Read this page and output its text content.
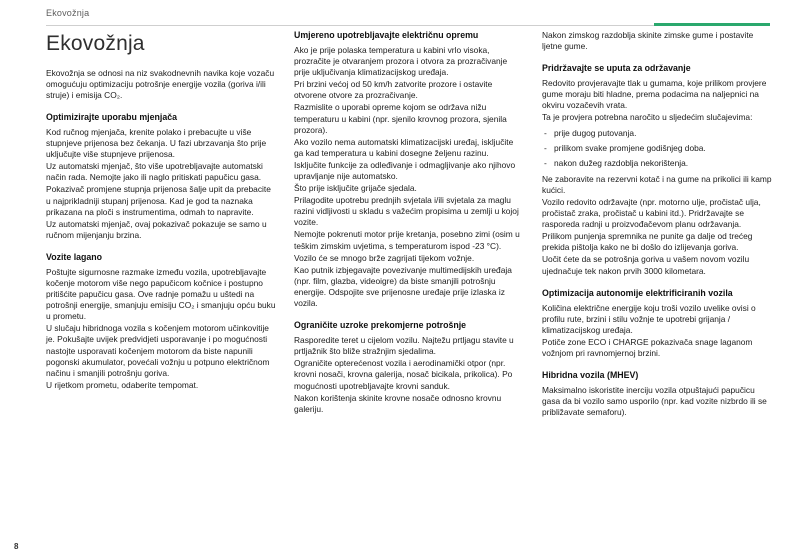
Ekovožnja
Ekovožnja

Ekovožnja se odnosi na niz svakodnevnih navika koje vozaču omogućuju optimizaciju potrošnje energije vozila (goriva i/ili struje) i emisija CO₂.

Optimizirajte uporabu mjenjača

Kod ručnog mjenjača, krenite polako i prebacujte u više stupnjeve prijenosa bez čekanja. U fazi ubrzavanja što prije uključujte više stupnjeve prijenosa.

Uz automatski mjenjač, što više upotrebljavajte automatski način rada. Nemojte jako ili naglo pritiskati papučicu gasa.

Pokazivač promjene stupnja prijenosa šalje upit da prebacite u najprikladniji stupanj prijenosa. Kad je god ta naznaka prikazana na ploči s instrumentima, odmah to napravite.

Uz automatski mjenjač, ovaj pokazivač pokazuje se samo u ručnom mijenjanju brzina.

Vozite lagano

Poštujte sigurnosne razmake između vozila, upotrebljavajte kočenje motorom više nego papučicom kočnice i postupno pritišćite papučicu gasa. Ove radnje pomažu u uštedi na potrošnji energije, smanjuju emisiju CO₂ i smanjuju opću buku u prometu.

U slučaju hibridnoga vozila s kočenjem motorom učinkovitije je. Pokušajte uvijek predvidjeti usporavanje i po mogućnosti nastojte usporavati kočenjem motorom da biste napunili pogonski akumulator, povećali vožnju u potpuno električnom načinu i smanjili potrošnju goriva.

U rijetkom prometu, odaberite tempomat.

Umjereno upotrebljavajte električnu opremu

Ako je prije polaska temperatura u kabini vrlo visoka, prozračite je otvaranjem prozora i otvora za prozračivanje prije uključivanja klimatizacijskog uređaja.

Pri brzini većoj od 50 km/h zatvorite prozore i ostavite otvorene otvore za prozračivanje.

Razmislite o uporabi opreme kojom se održava nižu temperaturu u kabini (npr. sjenilo krovnog prozora, sjenila prozora).

Ako vozilo nema automatski klimatizacijski uređaj, isključite ga kad temperatura u kabini dosegne željenu razinu.

Isključite funkcije za odleđivanje i odmagljivanje ako njihovo upravljanje nije automatsko.

Što prije isključite grijače sjedala.

Prilagodite upotrebu prednjih svjetala i/ili svjetala za maglu razini vidljivosti u skladu s važećim propisima u zemlji u kojoj vozite.

Nemojte pokrenuti motor prije kretanja, posebno zimi (osim u teškim zimskim uvjetima, s temperaturom ispod -23 °C).

Vozilo će se mnogo brže zagrijati tijekom vožnje.

Kao putnik izbjegavajte povezivanje multimedijskih uređaja (npr. film, glazba, videoigre) da biste smanjili potrošnju energije. Odspojite sve prijenosne uređaje prije izlaska iz vozila.

Ograničite uzroke prekomjerne potrošnje

Rasporedite teret u cijelom vozilu. Najtežu prtljagu stavite u prtljažnik što bliže stražnjim sjedalima.

Ograničite opterećenost vozila i aerodinamički otpor (npr. krovni nosači, krovna galerija, nosač bicikala, prikolica). Po mogućnosti upotrebljavajte krovni sanduk.

Nakon korištenja skinite krovne nosače odnosno krovnu galeriju.

Nakon zimskog razdoblja skinite zimske gume i postavite ljetne gume.

Pridržavajte se uputa za održavanje

Redovito provjeravajte tlak u gumama, koje prilikom provjere gume moraju biti hladne, prema podacima na naljepnici na okviru vozačevih vrata.

Ta je provjera potrebna naročito u sljedećim slučajevima:

- prije dugog putovanja.
- prilikom svake promjene godišnjeg doba.
- nakon dužeg razdoblja nekorištenja.

Ne zaboravite na rezervni kotač i na gume na prikolici ili kamp kućici.

Vozilo redovito održavajte (npr. motorno ulje, pročistač ulja, pročistač zraka, pročistač u kabini itd.). Pridržavajte se rasporeda radnji u proizvođačevom planu održavanja.

Prilikom punjenja spremnika ne punite ga dalje od trećeg prekida pištolja kako ne bi došlo do izlijevanja goriva.

Uočit ćete da se potrošnja goriva u vašem novom vozilu ujednačuje tek nakon prvih 3000 kilometara.

Optimizacija autonomije elektrificiranih vozila

Količina električne energije koju troši vozilo uvelike ovisi o profilu rute, brzini i stilu vožnje te upotrebi grijanja / klimatizacijskog uređaja.

Potiče zone ECO i CHARGE pokazivača snage laganom vožnjom pri ravnomjernoj brzini.

Hibridna vozila (MHEV)

Maksimalno iskoristite inerciju vozila otpuštajući papučicu gasa da bi vozilo samo usporilo (npr. kad vozite nizbrdo ili se približavate semaforu).

8
